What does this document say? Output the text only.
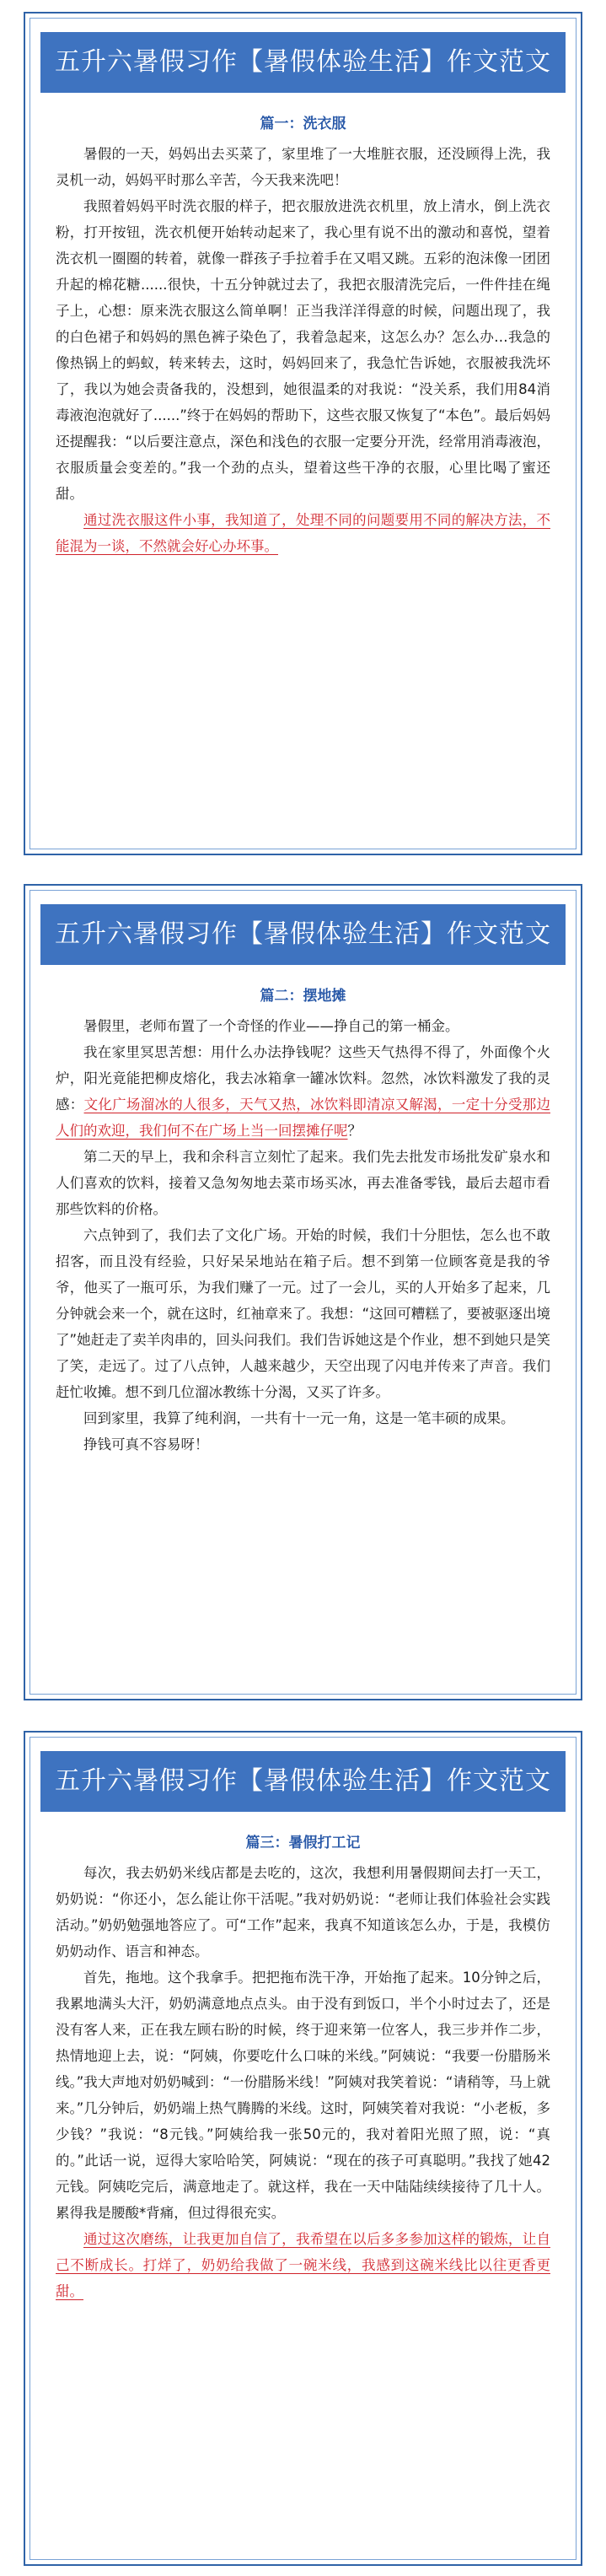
五升六暑假习作【暑假体验生活】作文范文
篇一：洗衣服

暑假的一天，妈妈出去买菜了，家里堆了一大堆脏衣服，还没顾得上洗，我灵机一动，妈妈平时那么辛苦，今天我来洗吧！

我照着妈妈平时洗衣服的样子，把衣服放进洗衣机里，放上清水，倒上洗衣粉，打开按钮，洗衣机便开始转动起来了，我心里有说不出的激动和喜悦，望着洗衣机一圈圈的转着，就像一群孩子手拉着手在又唱又跳。五彩的泡沫像一团团升起的棉花糖......很快，十五分钟就过去了，我把衣服清洗完后，一件件挂在绳子上，心想：原来洗衣服这么简单啊！正当我洋洋得意的时候，问题出现了，我的白色裙子和妈妈的黑色裤子染色了，我着急起来，这怎么办？怎么办…我急的像热锅上的蚂蚁，转来转去，这时，妈妈回来了，我急忙告诉她，衣服被我洗坏了，我以为她会责备我的，没想到，她很温柔的对我说：“没关系，我们用84消毒液泡泡就好了......”终于在妈妈的帮助下，这些衣服又恢复了“本色”。最后妈妈还提醒我：“以后要注意点，深色和浅色的衣服一定要分开洗，经常用消毒液泡，衣服质量会变差的。”我一个劲的点头，望着这些干净的衣服，心里比喝了蜜还甜。

通过洗衣服这件小事，我知道了，处理不同的问题要用不同的解决方法，不能混为一谈，不然就会好心办坏事。

五升六暑假习作【暑假体验生活】作文范文
篇二：摆地摊

暑假里，老师布置了一个奇怪的作业——挣自己的第一桶金。

我在家里冥思苦想：用什么办法挣钱呢？这些天气热得不得了，外面像个火炉，阳光竟能把柳皮熔化，我去冰箱拿一罐冰饮料。忽然，冰饮料激发了我的灵感：文化广场溜冰的人很多，天气又热，冰饮料即清凉又解渴，一定十分受那边人们的欢迎，我们何不在广场上当一回摆摊仔呢？

第二天的早上，我和余科言立刻忙了起来。我们先去批发市场批发矿泉水和人们喜欢的饮料，接着又急匆匆地去菜市场买冰，再去准备零钱，最后去超市看那些饮料的价格。

六点钟到了，我们去了文化广场。开始的时候，我们十分胆怯，怎么也不敢招客，而且没有经验，只好呆呆地站在箱子后。想不到第一位顾客竟是我的爷爷，他买了一瓶可乐，为我们赚了一元。过了一会儿，买的人开始多了起来，几分钟就会来一个，就在这时，红袖章来了。我想：“这回可糟糕了，要被驱逐出境了”她赶走了卖羊肉串的，回头问我们。我们告诉她这是个作业，想不到她只是笑了笑，走远了。过了八点钟，人越来越少，天空出现了闪电并传来了声音。我们赶忙收摊。想不到几位溜冰教练十分渴，又买了许多。

回到家里，我算了纯利润，一共有十一元一角，这是一笔丰硕的成果。

挣钱可真不容易呀！

五升六暑假习作【暑假体验生活】作文范文
篇三：暑假打工记

每次，我去奶奶米线店都是去吃的，这次，我想利用暑假期间去打一天工，奶奶说：“你还小，怎么能让你干活呢。”我对奶奶说：“老师让我们体验社会实践活动。”奶奶勉强地答应了。可“工作”起来，我真不知道该怎么办，于是，我模仿奶奶动作、语言和神态。

首先，拖地。这个我拿手。把把拖布洗干净，开始拖了起来。10分钟之后，我累地满头大汗，奶奶满意地点点头。由于没有到饭口，半个小时过去了，还是没有客人来，正在我左顾右盼的时候，终于迎来第一位客人，我三步并作二步，热情地迎上去，说：“阿姨，你要吃什么口味的米线。”阿姨说：“我要一份腊肠米线。”我大声地对奶奶喊到：“一份腊肠米线！”阿姨对我笑着说：“请稍等，马上就来。”几分钟后，奶奶端上热气腾腾的米线。这时，阿姨笑着对我说：“小老板，多少钱？”我说：“8元钱。”阿姨给我一张50元的，我对着阳光照了照，说：“真的。”此话一说，逗得大家哈哈笑，阿姨说：“现在的孩子可真聪明。”我找了她42元钱。阿姨吃完后，满意地走了。就这样，我在一天中陆陆续续接待了几十人。累得我是腰酸*背痛，但过得很充实。

通过这次磨练，让我更加自信了，我希望在以后多多参加这样的锻炼，让自己不断成长。打烊了，奶奶给我做了一碗米线，我感到这碗米线比以往更香更甜。
